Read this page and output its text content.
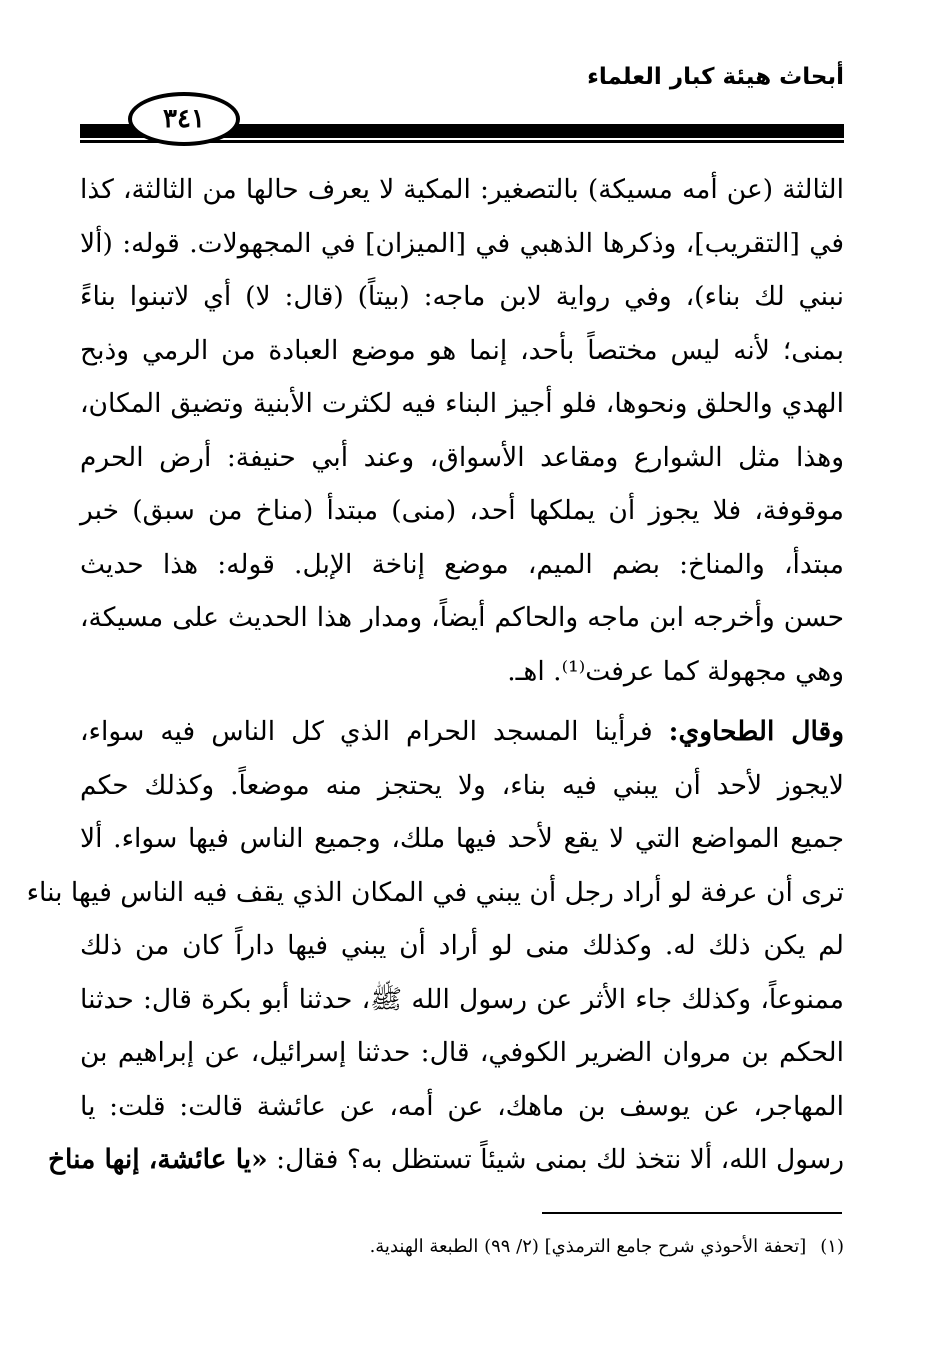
أبحاث هيئة كبار العلماء
٣٤١
الثالثة (عن أمه مسيكة) بالتصغير: المكية لا يعرف حالها من الثالثة، كذا
في [التقريب]، وذكرها الذهبي في [الميزان] في المجهولات. قوله: (ألا
نبني لك بناء)، وفي رواية لابن ماجه: (بيتاً) (قال: لا) أي لاتبنوا بناءً
بمنى؛ لأنه ليس مختصاً بأحد، إنما هو موضع العبادة من الرمي وذبح
الهدي والحلق ونحوها، فلو أجيز البناء فيه لكثرت الأبنية وتضيق المكان،
وهذا مثل الشوارع ومقاعد الأسواق، وعند أبي حنيفة: أرض الحرم
موقوفة، فلا يجوز أن يملكها أحد، (منى) مبتدأ (مناخ من سبق) خبر
مبتدأ، والمناخ: بضم الميم، موضع إناخة الإبل. قوله: هذا حديث
حسن وأخرجه ابن ماجه والحاكم أيضاً، ومدار هذا الحديث على مسيكة،
وهي مجهولة كما عرفت⁽¹⁾. اهـ.
وقال الطحاوي: فرأينا المسجد الحرام الذي كل الناس فيه سواء،
لايجوز لأحد أن يبني فيه بناء، ولا يحتجز منه موضعاً. وكذلك حكم
جميع المواضع التي لا يقع لأحد فيها ملك، وجميع الناس فيها سواء. ألا
ترى أن عرفة لو أراد رجل أن يبني في المكان الذي يقف فيه الناس فيها بناء
لم يكن ذلك له. وكذلك منى لو أراد أن يبني فيها داراً كان من ذلك
ممنوعاً، وكذلك جاء الأثر عن رسول الله ﷺ، حدثنا أبو بكرة قال: حدثنا
الحكم بن مروان الضرير الكوفي، قال: حدثنا إسرائيل، عن إبراهيم بن
المهاجر، عن يوسف بن ماهك، عن أمه، عن عائشة قالت: قلت: يا
رسول الله، ألا نتخذ لك بمنى شيئاً تستظل به؟ فقال: «يا عائشة، إنها مناخ
(١)[تحفة الأحوذي شرح جامع الترمذي] (٢/ ٩٩) الطبعة الهندية.
